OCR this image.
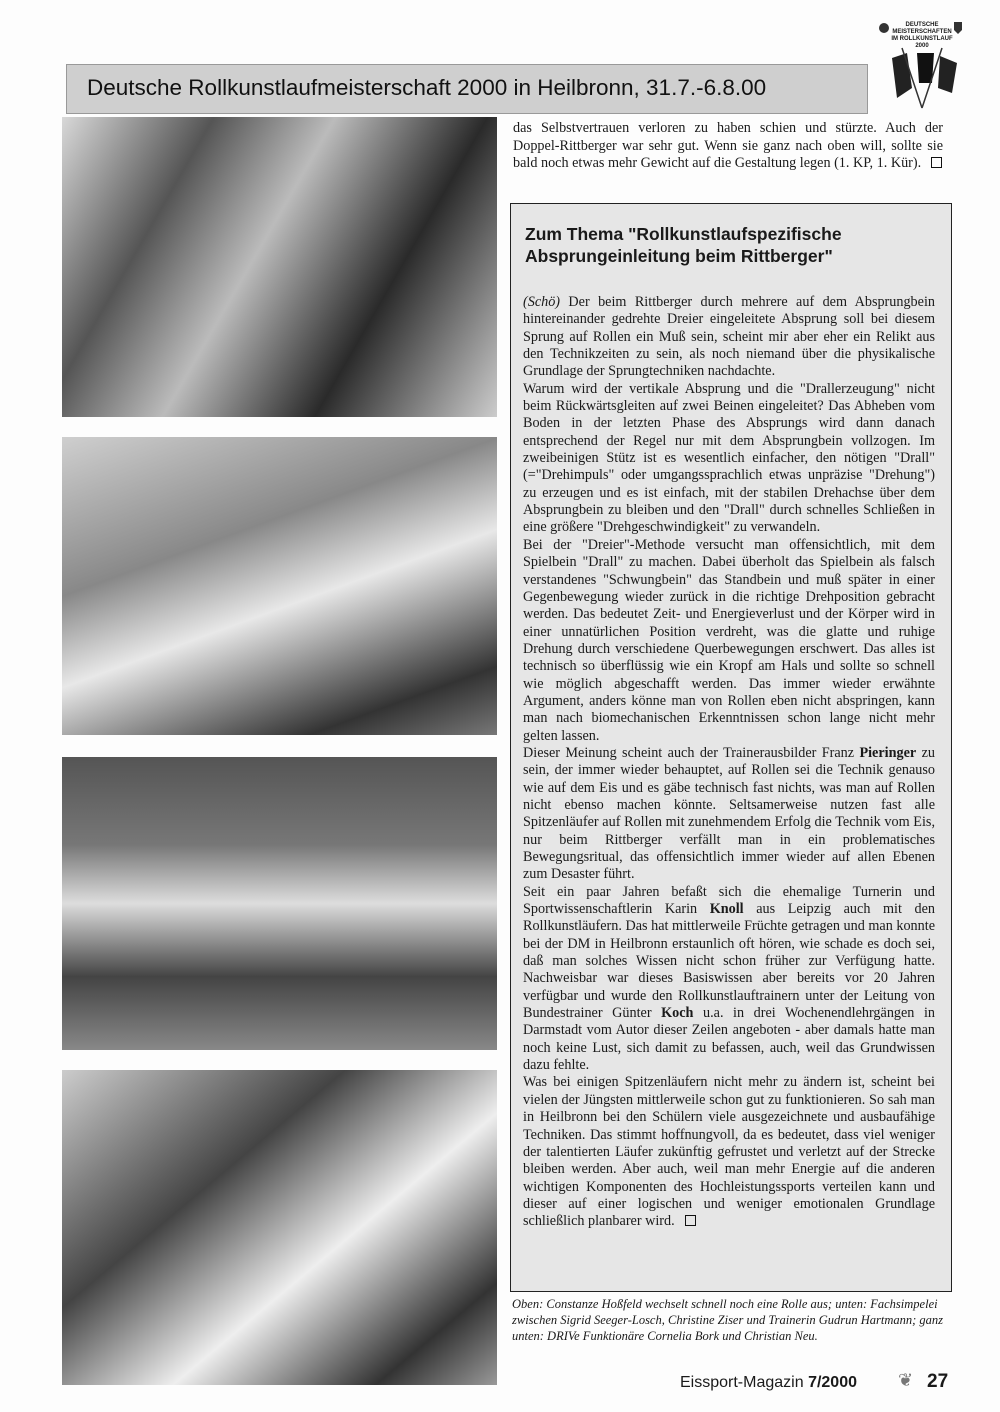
Deutsche Rollkunstlaufmeisterschaft 2000 in Heilbronn, 31.7.-6.8.00
DEUTSCHE
MEISTERSCHAFTEN
IM ROLLKUNSTLAUF
2000
das Selbstvertrauen verloren zu haben schien und stürzte. Auch der Doppel-Rittberger war sehr gut. Wenn sie ganz nach oben will, sollte sie bald noch etwas mehr Gewicht auf die Gestaltung legen (1. KP, 1. Kür).
Zum Thema "Rollkunstlaufspezifische Absprungeinleitung beim Rittberger"

(Schö) Der beim Rittberger durch mehrere auf dem Absprungbein hintereinander gedrehte Dreier eingeleitete Absprung soll bei diesem Sprung auf Rollen ein Muß sein, scheint mir aber eher ein Relikt aus den Technikzeiten zu sein, als noch niemand über die physikalische Grundlage der Sprungtechniken nachdachte.

Warum wird der vertikale Absprung und die "Drallerzeugung" nicht beim Rückwärtsgleiten auf zwei Beinen eingeleitet? Das Abheben vom Boden in der letzten Phase des Absprungs wird dann danach entsprechend der Regel nur mit dem Absprungbein vollzogen. Im zweibeinigen Stütz ist es wesentlich einfacher, den nötigen "Drall" (="Drehimpuls" oder umgangssprachlich etwas unpräzise "Drehung") zu erzeugen und es ist einfach, mit der stabilen Drehachse über dem Absprungbein zu bleiben und den "Drall" durch schnelles Schließen in eine größere "Drehgeschwindigkeit" zu verwandeln.

Bei der "Dreier"-Methode versucht man offensichtlich, mit dem Spielbein "Drall" zu machen. Dabei überholt das Spielbein als falsch verstandenes "Schwungbein" das Standbein und muß später in einer Gegenbewegung wieder zurück in die richtige Drehposition gebracht werden. Das bedeutet Zeit- und Energieverlust und der Körper wird in einer unnatürlichen Position verdreht, was die glatte und ruhige Drehung durch verschiedene Querbewegungen erschwert. Das alles ist technisch so überflüssig wie ein Kropf am Hals und sollte so schnell wie möglich abgeschafft werden. Das immer wieder erwähnte Argument, anders könne man von Rollen eben nicht abspringen, kann man nach biomechanischen Erkenntnissen schon lange nicht mehr gelten lassen.

Dieser Meinung scheint auch der Trainerausbilder Franz Pieringer zu sein, der immer wieder behauptet, auf Rollen sei die Technik genauso wie auf dem Eis und es gäbe technisch fast nichts, was man auf Rollen nicht ebenso machen könnte. Seltsamerweise nutzen fast alle Spitzenläufer auf Rollen mit zunehmendem Erfolg die Technik vom Eis, nur beim Rittberger verfällt man in ein problematisches Bewegungsritual, das offensichtlich immer wieder auf allen Ebenen zum Desaster führt.

Seit ein paar Jahren befaßt sich die ehemalige Turnerin und Sportwissenschaftlerin Karin Knoll aus Leipzig auch mit den Rollkunstläufern. Das hat mittlerweile Früchte getragen und man konnte bei der DM in Heilbronn erstaunlich oft hören, wie schade es doch sei, daß man solches Wissen nicht schon früher zur Verfügung hatte. Nachweisbar war dieses Basiswissen aber bereits vor 20 Jahren verfügbar und wurde den Rollkunstlauftrainern unter der Leitung von Bundestrainer Günter Koch u.a. in drei Wochenendlehrgängen in Darmstadt vom Autor dieser Zeilen angeboten - aber damals hatte man noch keine Lust, sich damit zu befassen, auch, weil das Grundwissen dazu fehlte.

Was bei einigen Spitzenläufern nicht mehr zu ändern ist, scheint bei vielen der Jüngsten mittlerweile schon gut zu funktionieren. So sah man in Heilbronn bei den Schülern viele ausgezeichnete und ausbaufähige Techniken. Das stimmt hoffnungvoll, da es bedeutet, dass viel weniger der talentierten Läufer zukünftig gefrustet und verletzt auf der Strecke bleiben werden. Aber auch, weil man mehr Energie auf die anderen wichtigen Komponenten des Hochleistungssports verteilen kann und dieser auf einer logischen und weniger emotionalen Grundlage schließlich planbarer wird.

Oben: Constanze Hoßfeld wechselt schnell noch eine Rolle aus; unten: Fachsimpelei zwischen Sigrid Seeger-Losch, Christine Ziser und Trainerin Gudrun Hartmann; ganz unten: DRIVe Funktionäre Cornelia Bork und Christian Neu.
Eissport-Magazin 7/2000 ❦ 27
